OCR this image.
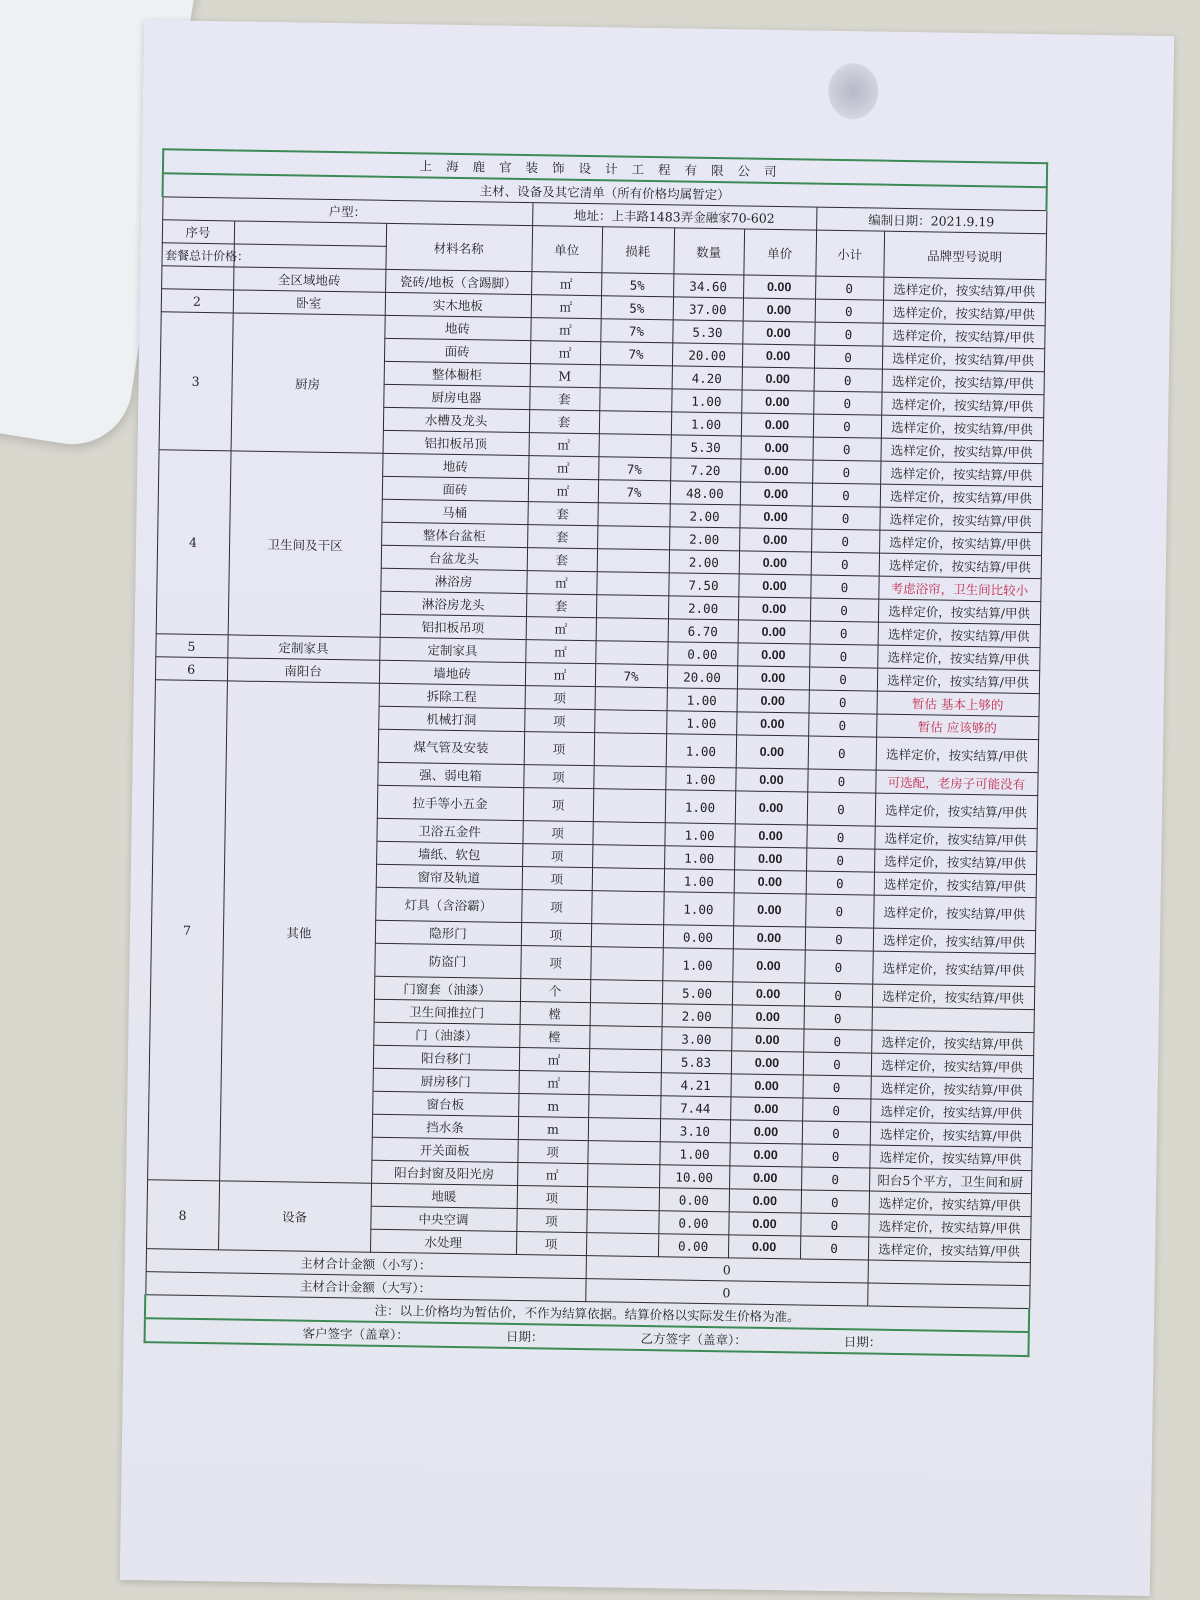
上海鹿官装饰设计工程有限公司								
主材、设备及其它清单（所有价格均属暂定）								
户型：			地址：上丰路1483弄金融家70-602				编制日期：2021.9.19	
序号		材料名称	单位	损耗	数量	单价	小计	品牌型号说明
套餐总计价格：								
	全区域地砖	瓷砖/地板（含踢脚）	㎡	5%	34.60	0.00	0	选样定价，按实结算/甲供
2	卧室	实木地板	㎡	5%	37.00	0.00	0	选样定价，按实结算/甲供
3	厨房	地砖	㎡	7%	5.30	0.00	0	选样定价，按实结算/甲供
		面砖	㎡	7%	20.00	0.00	0	选样定价，按实结算/甲供
		整体橱柜	M		4.20	0.00	0	选样定价，按实结算/甲供
		厨房电器	套		1.00	0.00	0	选样定价，按实结算/甲供
		水槽及龙头	套		1.00	0.00	0	选样定价，按实结算/甲供
		铝扣板吊顶	㎡		5.30	0.00	0	选样定价，按实结算/甲供
4	卫生间及干区	地砖	㎡	7%	7.20	0.00	0	选样定价，按实结算/甲供
		面砖	㎡	7%	48.00	0.00	0	选样定价，按实结算/甲供
		马桶	套		2.00	0.00	0	选样定价，按实结算/甲供
		整体台盆柜	套		2.00	0.00	0	选样定价，按实结算/甲供
		台盆龙头	套		2.00	0.00	0	选样定价，按实结算/甲供
		淋浴房	㎡		7.50	0.00	0	考虑浴帘，卫生间比较小
		淋浴房龙头	套		2.00	0.00	0	选样定价，按实结算/甲供
		铝扣板吊项	㎡		6.70	0.00	0	选样定价，按实结算/甲供
5	定制家具	定制家具	㎡		0.00	0.00	0	选样定价，按实结算/甲供
6	南阳台	墙地砖	㎡	7%	20.00	0.00	0	选样定价，按实结算/甲供
7	其他	拆除工程	项		1.00	0.00	0	暂估 基本上够的
		机械打洞	项		1.00	0.00	0	暂估 应该够的
		煤气管及安装	项		1.00	0.00	0	选样定价，按实结算/甲供
		强、弱电箱	项		1.00	0.00	0	可选配，老房子可能没有
		拉手等小五金	项		1.00	0.00	0	选样定价，按实结算/甲供
		卫浴五金件	项		1.00	0.00	0	选样定价，按实结算/甲供
		墙纸、软包	项		1.00	0.00	0	选样定价，按实结算/甲供
		窗帘及轨道	项		1.00	0.00	0	选样定价，按实结算/甲供
		灯具（含浴霸）	项		1.00	0.00	0	选样定价，按实结算/甲供
		隐形门	项		0.00	0.00	0	选样定价，按实结算/甲供
		防盗门	项		1.00	0.00	0	选样定价，按实结算/甲供
		门窗套（油漆）	个		5.00	0.00	0	选样定价，按实结算/甲供
		卫生间推拉门	樘		2.00	0.00	0	
		门（油漆）	樘		3.00	0.00	0	选样定价，按实结算/甲供
		阳台移门	㎡		5.83	0.00	0	选样定价，按实结算/甲供
		厨房移门	㎡		4.21	0.00	0	选样定价，按实结算/甲供
		窗台板	m		7.44	0.00	0	选样定价，按实结算/甲供
		挡水条	m		3.10	0.00	0	选样定价，按实结算/甲供
		开关面板	项		1.00	0.00	0	选样定价，按实结算/甲供
		阳台封窗及阳光房	㎡		10.00	0.00	0	阳台5个平方，卫生间和厨
8	设备	地暖	项		0.00	0.00	0	选样定价，按实结算/甲供
		中央空调	项		0.00	0.00	0	选样定价，按实结算/甲供
		水处理	项		0.00	0.00	0	选样定价，按实结算/甲供
主材合计金额（小写）：				0				
主材合计金额（大写）：				0				
注：以上价格均为暂估价，不作为结算依据。结算价格以实际发生价格为准。								
客户签字（盖章）： 日期： 乙方签字（盖章）： 日期：								
